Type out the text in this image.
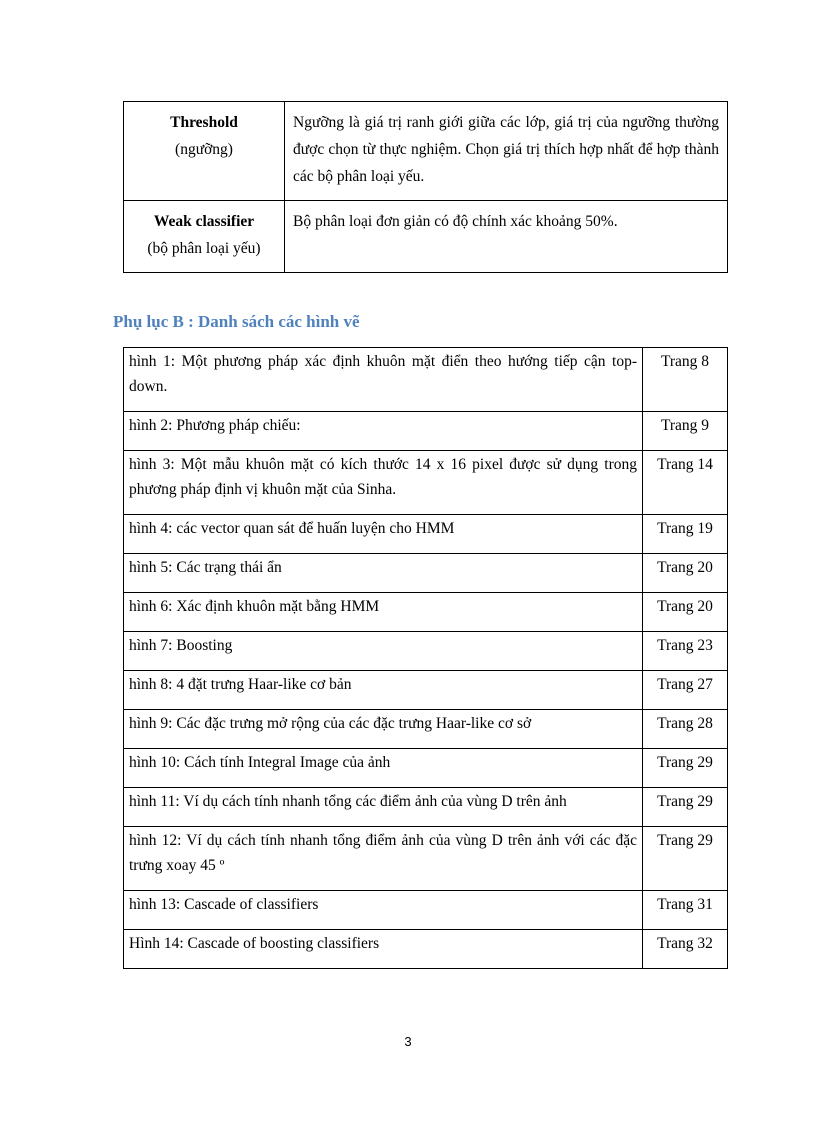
Threshold
(ngưỡng)	Ngưỡng là giá trị ranh giới giữa các lớp, giá trị của ngưỡng thường được chọn từ thực nghiệm. Chọn giá trị thích hợp nhất để hợp thành các bộ phân loại yếu.

Weak classifier
(bộ phân loại yếu)	Bộ phân loại đơn giản có độ chính xác khoảng 50%.
Phụ lục B : Danh sách các hình vẽ
hình 1: Một phương pháp xác định khuôn mặt điển theo hướng tiếp cận top-down.	Trang 8
hình 2: Phương pháp chiếu:	Trang 9
hình 3: Một mẫu khuôn mặt có kích thước 14 x 16 pixel được sử dụng trong phương pháp định vị khuôn mặt của Sinha.	Trang 14
hình 4: các vector quan sát để huấn luyện cho HMM	Trang 19
hình 5: Các trạng thái ẩn	Trang 20
hình 6: Xác định khuôn mặt bằng HMM	Trang 20
hình 7: Boosting	Trang 23
hình 8: 4 đặt trưng Haar-like cơ bản	Trang 27
hình 9: Các đặc trưng mở rộng của các đặc trưng Haar-like cơ sở	Trang 28
hình 10: Cách tính Integral Image của ảnh	Trang 29
hình 11: Ví dụ cách tính nhanh tổng các điểm ảnh của vùng D trên ảnh	Trang 29
hình 12: Ví dụ cách tính nhanh tổng điểm ảnh của vùng D trên ảnh với các đặc trưng xoay 45 º	Trang 29
hình 13: Cascade of classifiers	Trang 31
Hình 14: Cascade of boosting classifiers	Trang 32
3
